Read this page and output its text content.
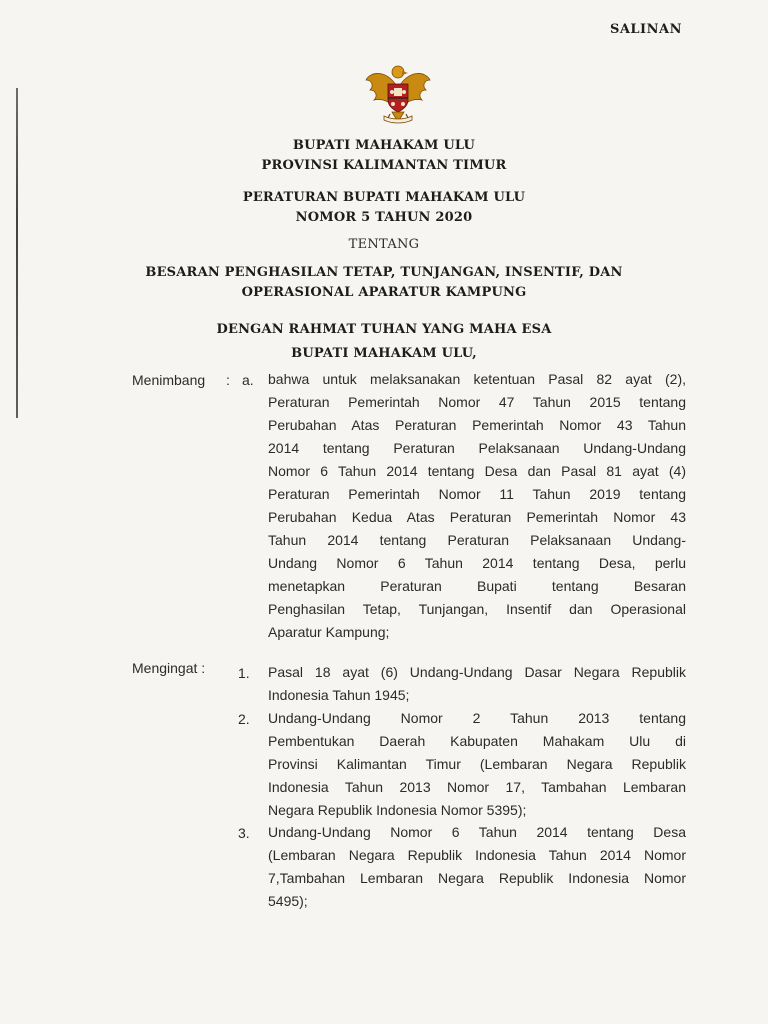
SALINAN
BUPATI MAHAKAM ULU
PROVINSI KALIMANTAN TIMUR
PERATURAN BUPATI MAHAKAM ULU
NOMOR 5 TAHUN 2020
TENTANG
BESARAN PENGHASILAN TETAP, TUNJANGAN, INSENTIF, DAN
OPERASIONAL APARATUR KAMPUNG
DENGAN RAHMAT TUHAN YANG MAHA ESA
BUPATI MAHAKAM ULU,
Menimbang : a. bahwa untuk melaksanakan ketentuan Pasal 82 ayat (2),
Peraturan Pemerintah Nomor 47 Tahun 2015 tentang
Perubahan Atas Peraturan Pemerintah Nomor 43 Tahun
2014 tentang Peraturan Pelaksanaan Undang-Undang
Nomor 6 Tahun 2014 tentang Desa dan Pasal 81 ayat (4)
Peraturan Pemerintah Nomor 11 Tahun 2019 tentang
Perubahan Kedua Atas Peraturan Pemerintah Nomor 43
Tahun 2014 tentang Peraturan Pelaksanaan Undang-
Undang Nomor 6 Tahun 2014 tentang Desa, perlu
menetapkan Peraturan Bupati tentang Besaran
Penghasilan Tetap, Tunjangan, Insentif dan Operasional
Aparatur Kampung;
Mengingat : 1. Pasal 18 ayat (6) Undang-Undang Dasar Negara Republik
Indonesia Tahun 1945;
2. Undang-Undang Nomor 2 Tahun 2013 tentang
Pembentukan Daerah Kabupaten Mahakam Ulu di
Provinsi Kalimantan Timur (Lembaran Negara Republik
Indonesia Tahun 2013 Nomor 17, Tambahan Lembaran
Negara Republik Indonesia Nomor 5395);
3. Undang-Undang Nomor 6 Tahun 2014 tentang Desa
(Lembaran Negara Republik Indonesia Tahun 2014 Nomor
7,Tambahan Lembaran Negara Republik Indonesia Nomor
5495);
